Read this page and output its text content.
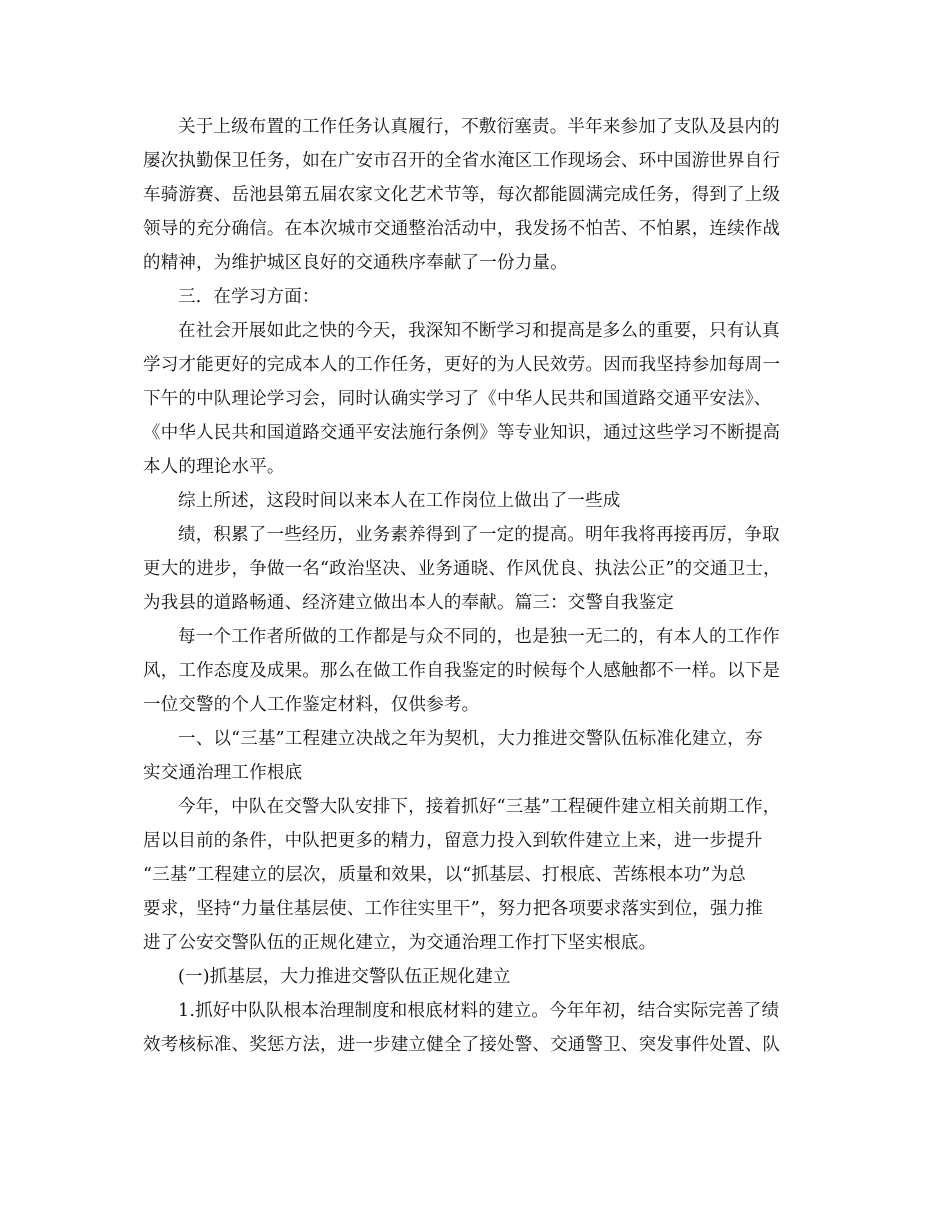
关于上级布置的工作任务认真履行，不敷衍塞责。半年来参加了支队及县内的

屡次执勤保卫任务，如在广安市召开的全省水淹区工作现场会、环中国游世界自行

车骑游赛、岳池县第五届农家文化艺术节等，每次都能圆满完成任务，得到了上级

领导的充分确信。在本次城市交通整治活动中，我发扬不怕苦、不怕累，连续作战

的精神，为维护城区良好的交通秩序奉献了一份力量。

三．在学习方面：

在社会开展如此之快的今天，我深知不断学习和提高是多么的重要，只有认真

学习才能更好的完成本人的工作任务，更好的为人民效劳。因而我坚持参加每周一

下午的中队理论学习会，同时认确实学习了《中华人民共和国道路交通平安法》、

《中华人民共和国道路交通平安法施行条例》等专业知识，通过这些学习不断提高

本人的理论水平。

综上所述，这段时间以来本人在工作岗位上做出了一些成

绩，积累了一些经历，业务素养得到了一定的提高。明年我将再接再厉，争取

更大的进步，争做一名“政治坚决、业务通晓、作风优良、执法公正”的交通卫士，

为我县的道路畅通、经济建立做出本人的奉献。篇三：交警自我鉴定

每一个工作者所做的工作都是与众不同的，也是独一无二的，有本人的工作作

风，工作态度及成果。那么在做工作自我鉴定的时候每个人感触都不一样。以下是

一位交警的个人工作鉴定材料，仅供参考。

一、以“三基”工程建立决战之年为契机，大力推进交警队伍标准化建立，夯

实交通治理工作根底

今年，中队在交警大队安排下，接着抓好“三基”工程硬件建立相关前期工作，

居以目前的条件，中队把更多的精力，留意力投入到软件建立上来，进一步提升

“三基”工程建立的层次，质量和效果，以“抓基层、打根底、苦练根本功”为总

要求，坚持“力量住基层使、工作往实里干”，努力把各项要求落实到位，强力推

进了公安交警队伍的正规化建立，为交通治理工作打下坚实根底。

(一)抓基层，大力推进交警队伍正规化建立

1.抓好中队队根本治理制度和根底材料的建立。今年年初，结合实际完善了绩

效考核标准、奖惩方法，进一步建立健全了接处警、交通警卫、突发事件处置、队
